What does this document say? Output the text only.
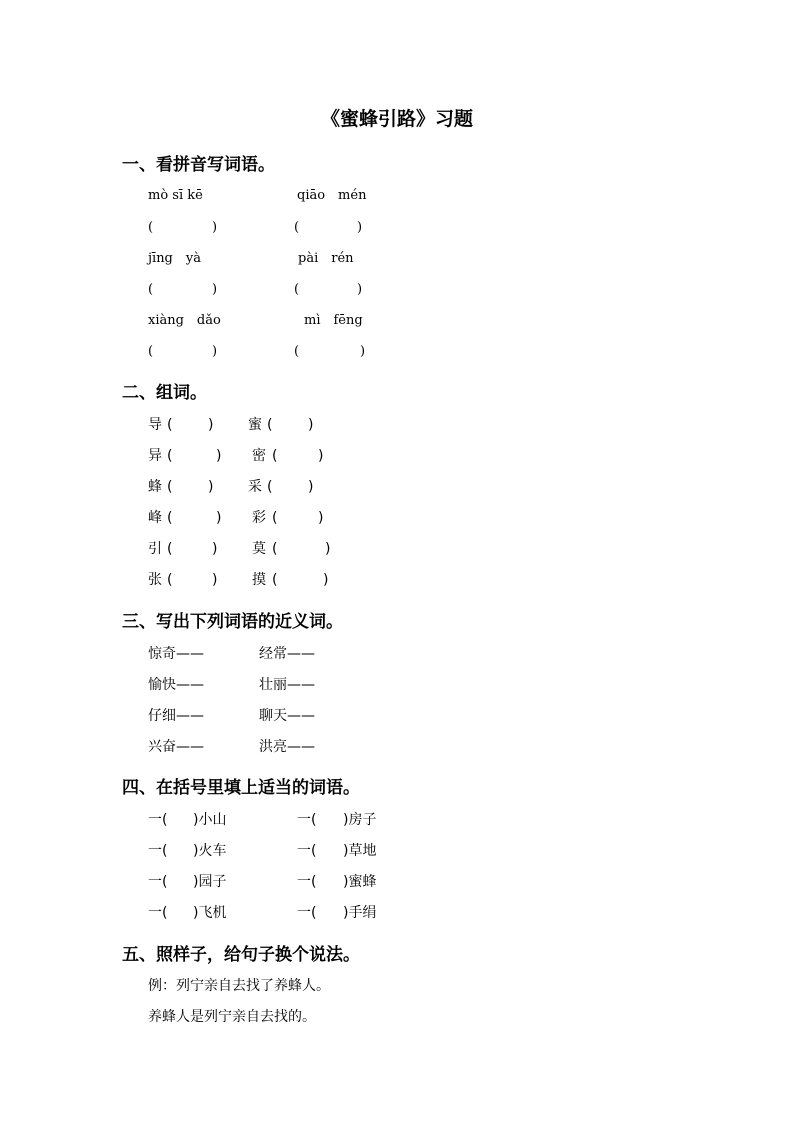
《蜜蜂引路》习题
一、看拼音写词语。
mò sī kē	qiāo　mén
(	)	(	)
jīng　yà	pài　rén
(	)	(	)
xiàng　dǎo	mì　fēng
(	)	(	)
二、组词。
导 (	) 蜜 (	)
异 (	) 密 (	)
蜂 (	) 采 (	)
峰 (	) 彩 (	)
引 (	) 莫 (	)
张 (	) 摸 (	)
三、写出下列词语的近义词。
惊奇——	经常——
愉快——	壮丽——
仔细——	聊天——
兴奋——	洪亮——
四、在括号里填上适当的词语。
一( )小山	一( )房子
一( )火车	一( )草地
一( )园子	一( )蜜蜂
一( )飞机	一( )手绢
五、照样子，给句子换个说法。
例：列宁亲自去找了养蜂人。
养蜂人是列宁亲自去找的。
